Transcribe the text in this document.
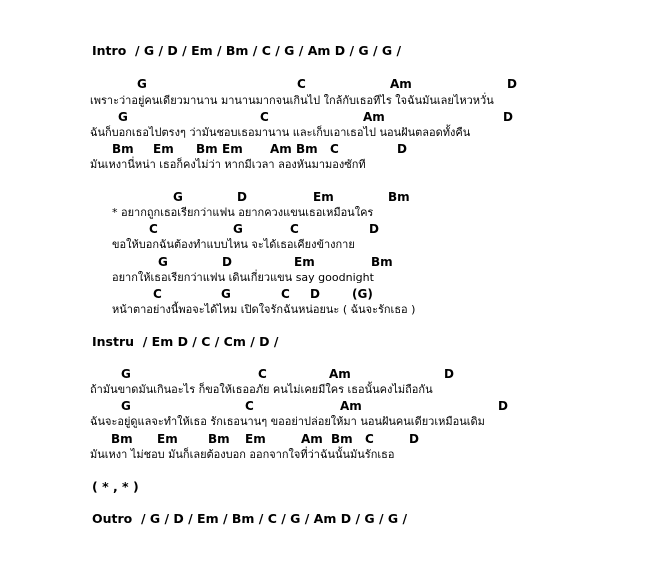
Intro  / G / D / Em / Bm / C / G / Am D / G / G /
G	C	Am	D
เพราะว่าอยู่คนเดียวมานาน มานานมากจนเกินไป ใกล้กับเธอทีไร ใจฉันมันเลยไหวหวั่น
G	C	Am	D
ฉันก็บอกเธอไปตรงๆ ว่ามันชอบเธอมานาน และเก็บเอาเธอไป นอนฝันตลอดทั้งคืน
Bm Em Bm Em Am Bm C	D
มันเหงานี่หน่า เธอก็คงไม่ว่า หากมีเวลา ลองหันมามองซักที
G	D	Em	Bm
* อยากถูกเธอเรียกว่าแฟน อยากควงแขนเธอเหมือนใคร
C	G	C	D
ขอให้บอกฉันต้องทำแบบไหน จะได้เธอเคียงข้างกาย
G	D	Em	Bm
อยากให้เธอเรียกว่าแฟน เดินเกี่ยวแขน say goodnight
C	G	C D	(G)
หน้าตาอย่างนี้พอจะได้ไหม เปิดใจรักฉันหน่อยนะ ( ฉันจะรักเธอ )
Instru  / Em D / C / Cm / D /
G	C	Am	D
ถ้ามันขาดมันเกินอะไร ก็ขอให้เธออภัย คนไม่เคยมีใคร เธอนั้นคงไม่ถือกัน
G	C	Am	D
ฉันจะอยู่ดูแลจะทำให้เธอ รักเธอนานๆ ขออย่าปล่อยให้มา นอนฝันคนเดียวเหมือนเดิม
Bm Em	Bm Em	Am Bm C	D
มันเหงา ไม่ชอบ มันก็เลยต้องบอก ออกจากใจที่ว่าฉันนั้นมันรักเธอ
( * , * )
Outro  / G / D / Em / Bm / C / G / Am D / G / G /
